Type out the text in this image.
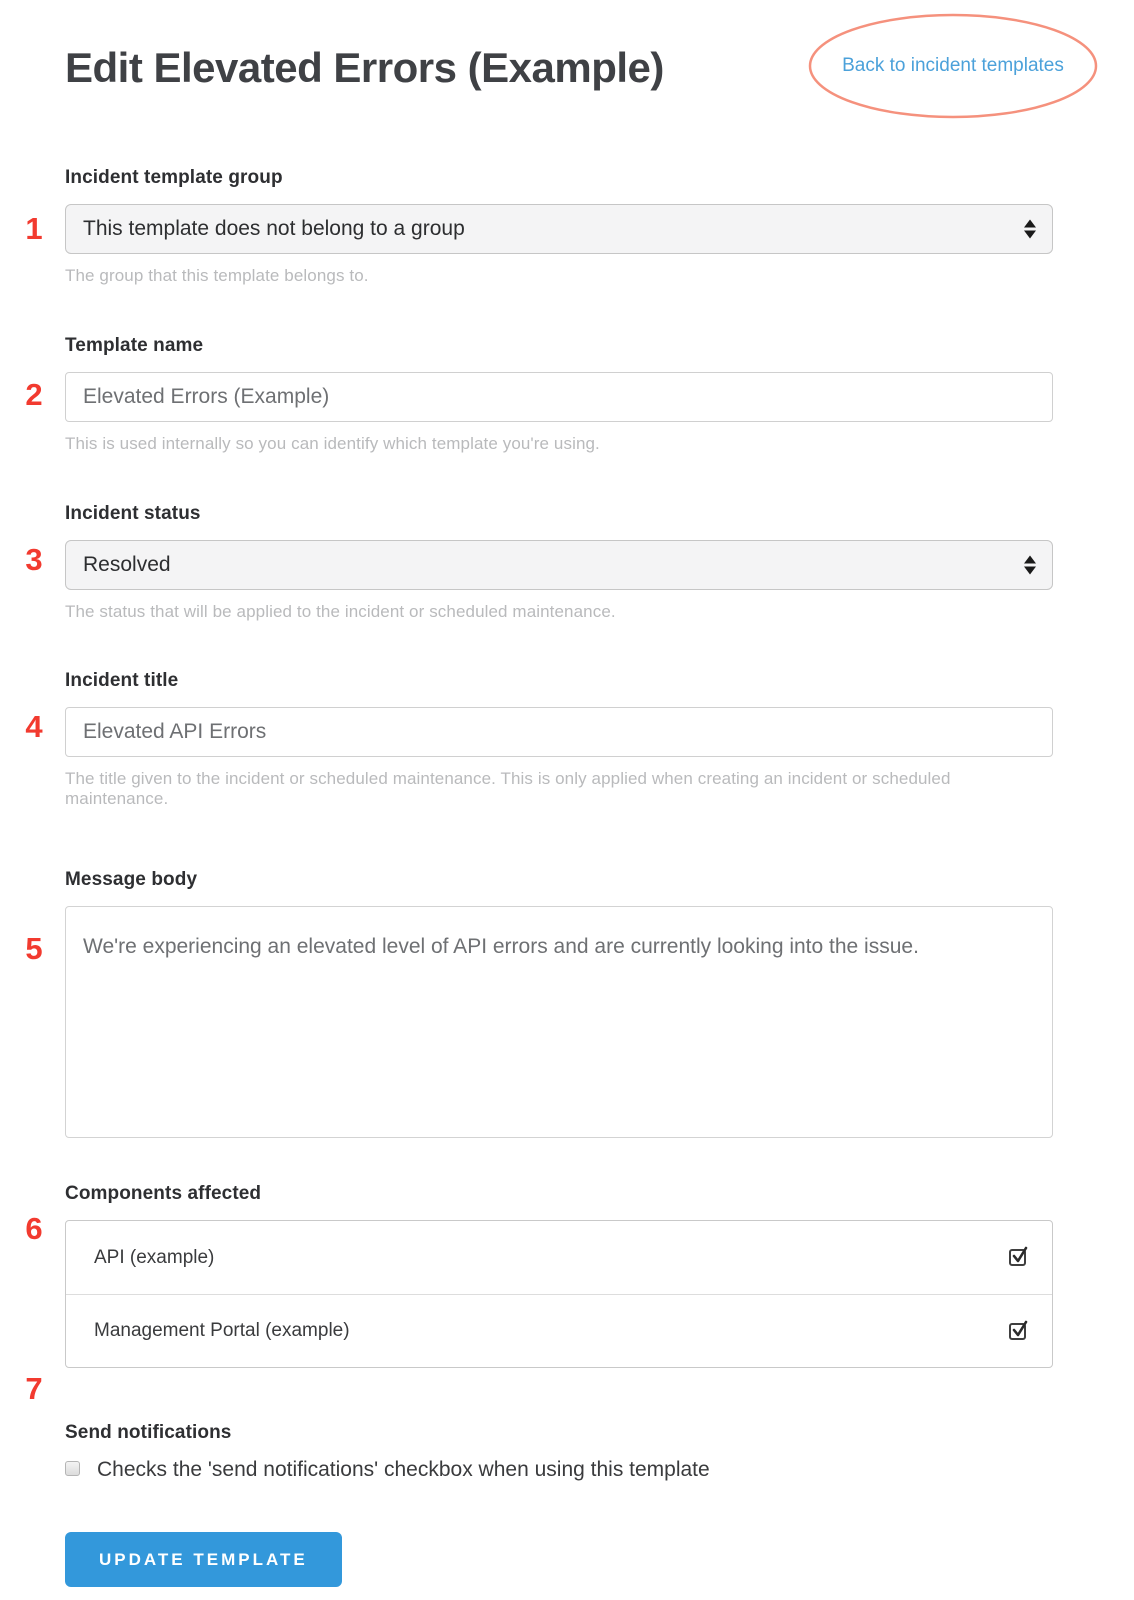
1
2
3
4
5
6
7
Back to incident templates
Edit Elevated Errors (Example)
Incident template group
This template does not belong to a group

The group that this template belongs to.

Template name
Elevated Errors (Example)

This is used internally so you can identify which template you're using.

Incident status
Resolved

The status that will be applied to the incident or scheduled maintenance.

Incident title
Elevated API Errors

The title given to the incident or scheduled maintenance. This is only applied when creating an incident or scheduled maintenance.

Message body
We're experiencing an elevated level of API errors and are currently looking into the issue.
Components affected
API (example)
Management Portal (example)
Send notifications
Checks the 'send notifications' checkbox when using this template
UPDATE TEMPLATE
